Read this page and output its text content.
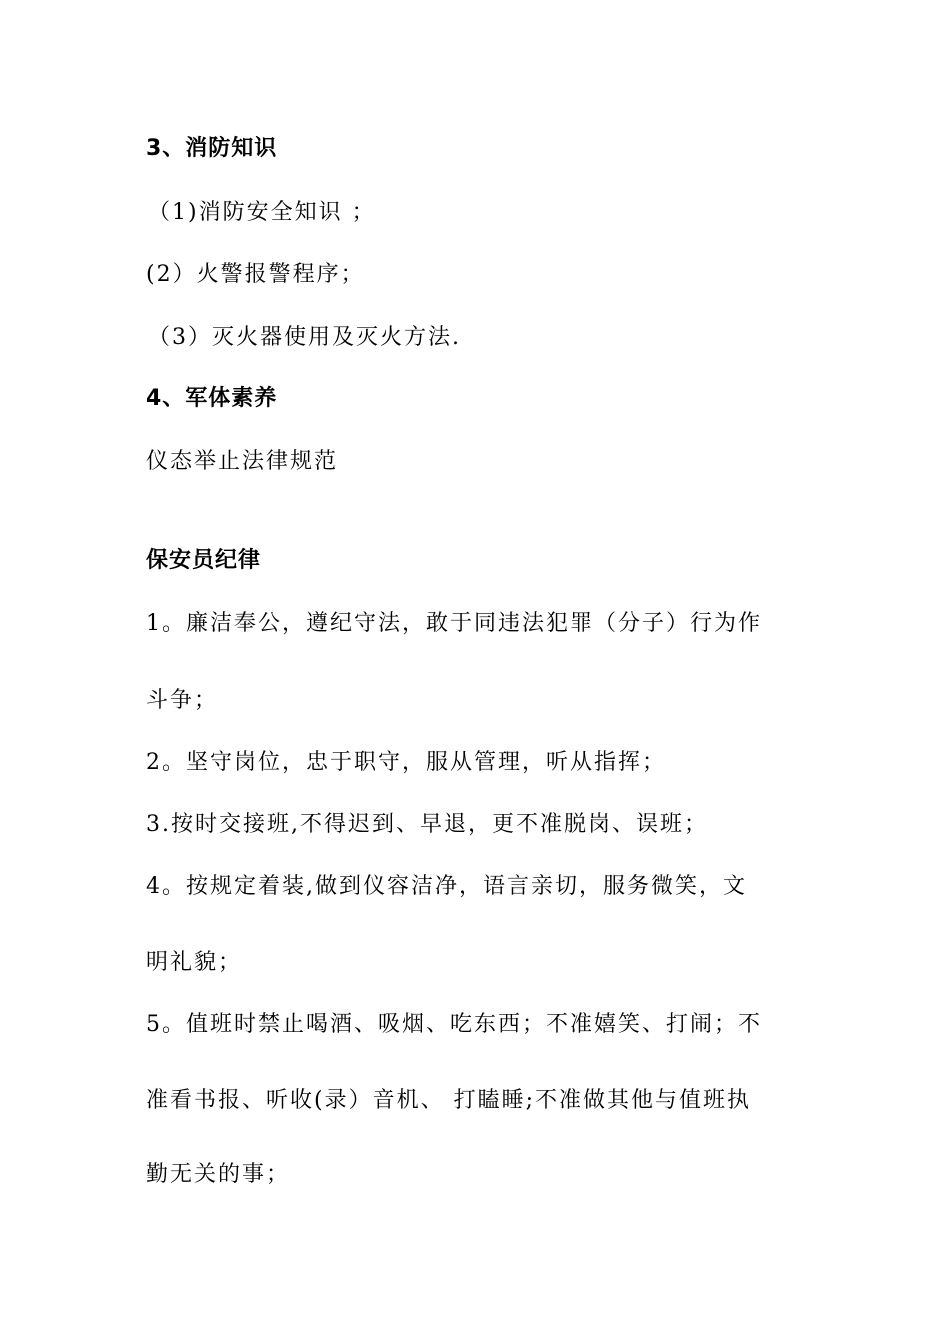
3、消防知识

（1)消防安全知识 ；

(2）火警报警程序；

（3）灭火器使用及灭火方法.

4、军体素养

仪态举止法律规范

保安员纪律

1。廉洁奉公，遵纪守法，敢于同违法犯罪（分子）行为作

斗争；

2。坚守岗位，忠于职守，服从管理，听从指挥；

3.按时交接班,不得迟到、早退，更不准脱岗、误班；

4。按规定着装,做到仪容洁净，语言亲切，服务微笑，文

明礼貌；

5。值班时禁止喝酒、吸烟、吃东西；不准嬉笑、打闹；不

准看书报、听收(录）音机、 打瞌睡;不准做其他与值班执

勤无关的事；
